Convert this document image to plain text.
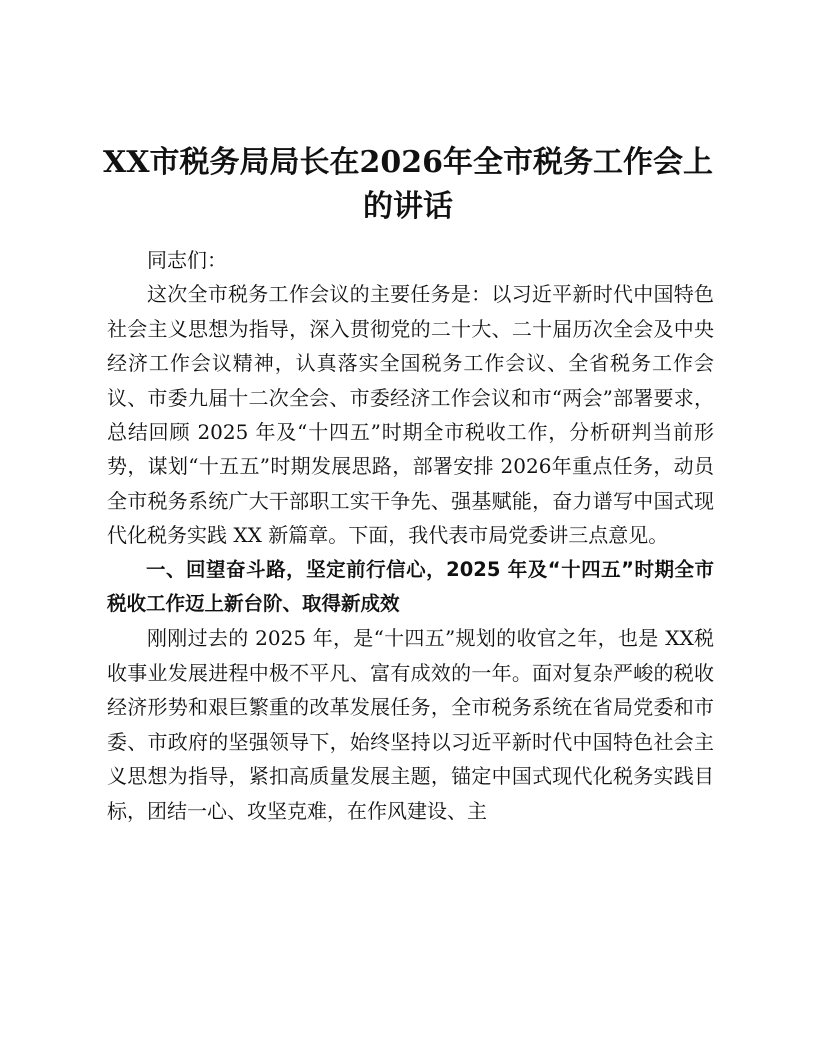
XX市税务局局长在2026年全市税务工作会上的讲话

同志们：

这次全市税务工作会议的主要任务是：以习近平新时代中国特色社会主义思想为指导，深入贯彻党的二十大、二十届历次全会及中央经济工作会议精神，认真落实全国税务工作会议、全省税务工作会议、市委九届十二次全会、市委经济工作会议和市“两会”部署要求，总结回顾 2025 年及“十四五”时期全市税收工作，分析研判当前形势，谋划“十五五”时期发展思路，部署安排 2026年重点任务，动员全市税务系统广大干部职工实干争先、强基赋能，奋力谱写中国式现代化税务实践 XX 新篇章。下面，我代表市局党委讲三点意见。

一、回望奋斗路，坚定前行信心，2025 年及“十四五”时期全市税收工作迈上新台阶、取得新成效

刚刚过去的 2025 年，是“十四五”规划的收官之年，也是 XX税收事业发展进程中极不平凡、富有成效的一年。面对复杂严峻的税收经济形势和艰巨繁重的改革发展任务，全市税务系统在省局党委和市委、市政府的坚强领导下，始终坚持以习近平新时代中国特色社会主义思想为指导，紧扣高质量发展主题，锚定中国式现代化税务实践目标，团结一心、攻坚克难，在作风建设、主
